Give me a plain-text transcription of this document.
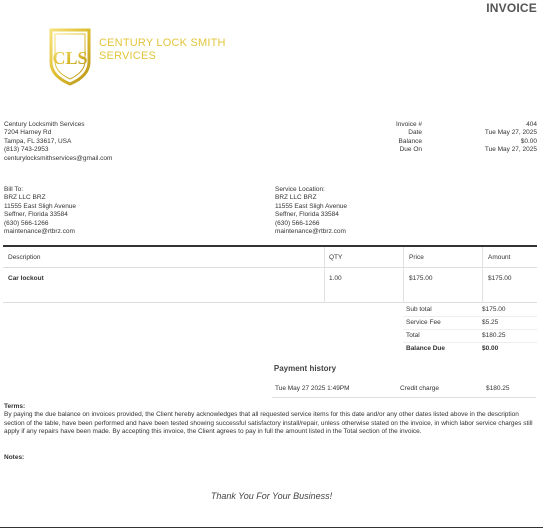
INVOICE
CLS
CENTURY LOCK SMITH
SERVICES
Century Locksmith Services
7204 Harney Rd
Tampa, FL 33617, USA
(813) 743-2953
centurylocksmithservices@gmail.com
Invoice #	404
Date	Tue May 27, 2025
Balance	$0.00
Due On	Tue May 27, 2025
Bill To:
BRZ LLC BRZ
11555 East Sligh Avenue
Seffner, Florida 33584
(630) 566-1266
maintenance@rtbrz.com
Service Location:
BRZ LLC BRZ
11555 East Sligh Avenue
Seffner, Florida 33584
(630) 566-1266
maintenance@rtbrz.com
Description	QTY	Price	Amount
Car lockout	1.00	$175.00	$175.00
Sub total	$175.00
Service Fee	$5.25
Total	$180.25
Balance Due	$0.00
Payment history
Tue May 27 2025 1:49PM	Credit charge	$180.25
Terms:
By paying the due balance on invoices provided, the Client hereby acknowledges that all requested service items for this date and/or any other dates listed above in the description section of the table, have been performed and have been tested showing successful satisfactory install/repair, unless otherwise stated on the invoice, in which labor service charges still apply if any repairs have been made. By accepting this invoice, the Client agrees to pay in full the amount listed in the Total section of the invoice.
Notes:
Thank You For Your Business!
